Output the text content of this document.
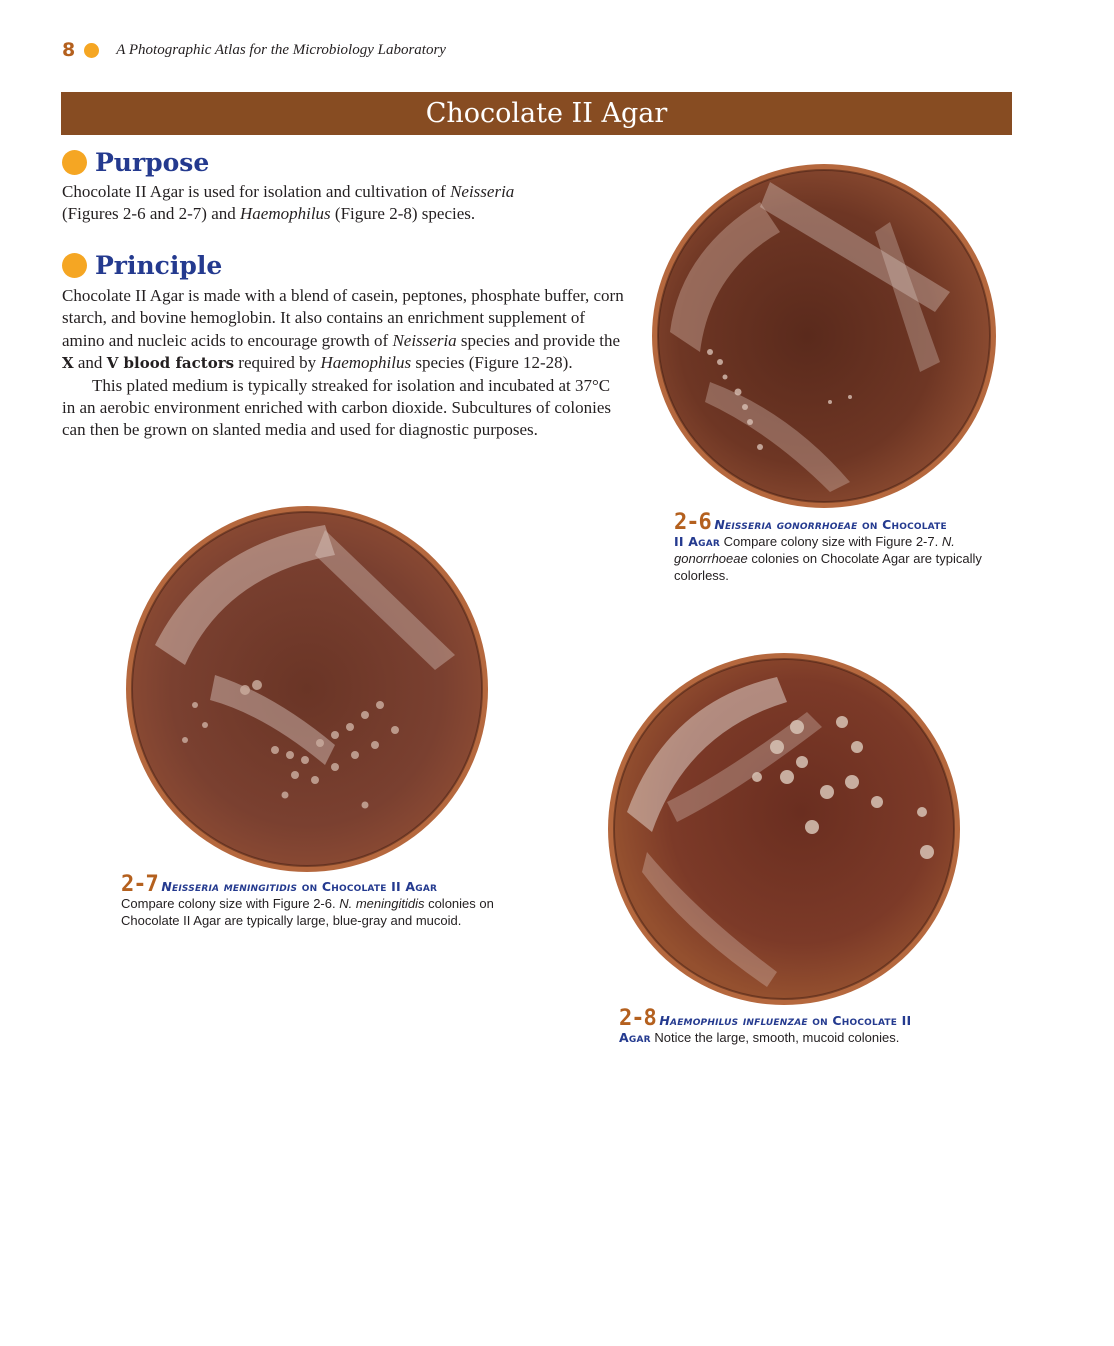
8	A Photographic Atlas for the Microbiology Laboratory
Chocolate II Agar
Purpose

Chocolate II Agar is used for isolation and cultivation of Neisseria
(Figures 2-6 and 2-7) and Haemophilus (Figure 2-8) species.

Principle

Chocolate II Agar is made with a blend of casein, peptones, phosphate buffer, corn starch, and bovine hemoglobin. It also contains an enrichment supplement of amino and nucleic acids to encourage growth of Neisseria species and provide the X and V blood factors required by Haemophilus species (Figure 12-28).

This plated medium is typically streaked for isolation and incubated at 37°C in an aerobic environment enriched with carbon dioxide. Subcultures of colonies can then be grown on slanted media and used for diagnostic purposes.

2-6 Neisseria gonorrhoeae on Chocolate
II Agar Compare colony size with Figure 2-7. N. gonorrhoeae colonies on Chocolate Agar are typically colorless.
2-7 Neisseria meningitidis on Chocolate II Agar
Compare colony size with Figure 2-6. N. meningitidis colonies on Chocolate II Agar are typically large, blue-gray and mucoid.
2-8 Haemophilus influenzae on Chocolate II
Agar Notice the large, smooth, mucoid colonies.
